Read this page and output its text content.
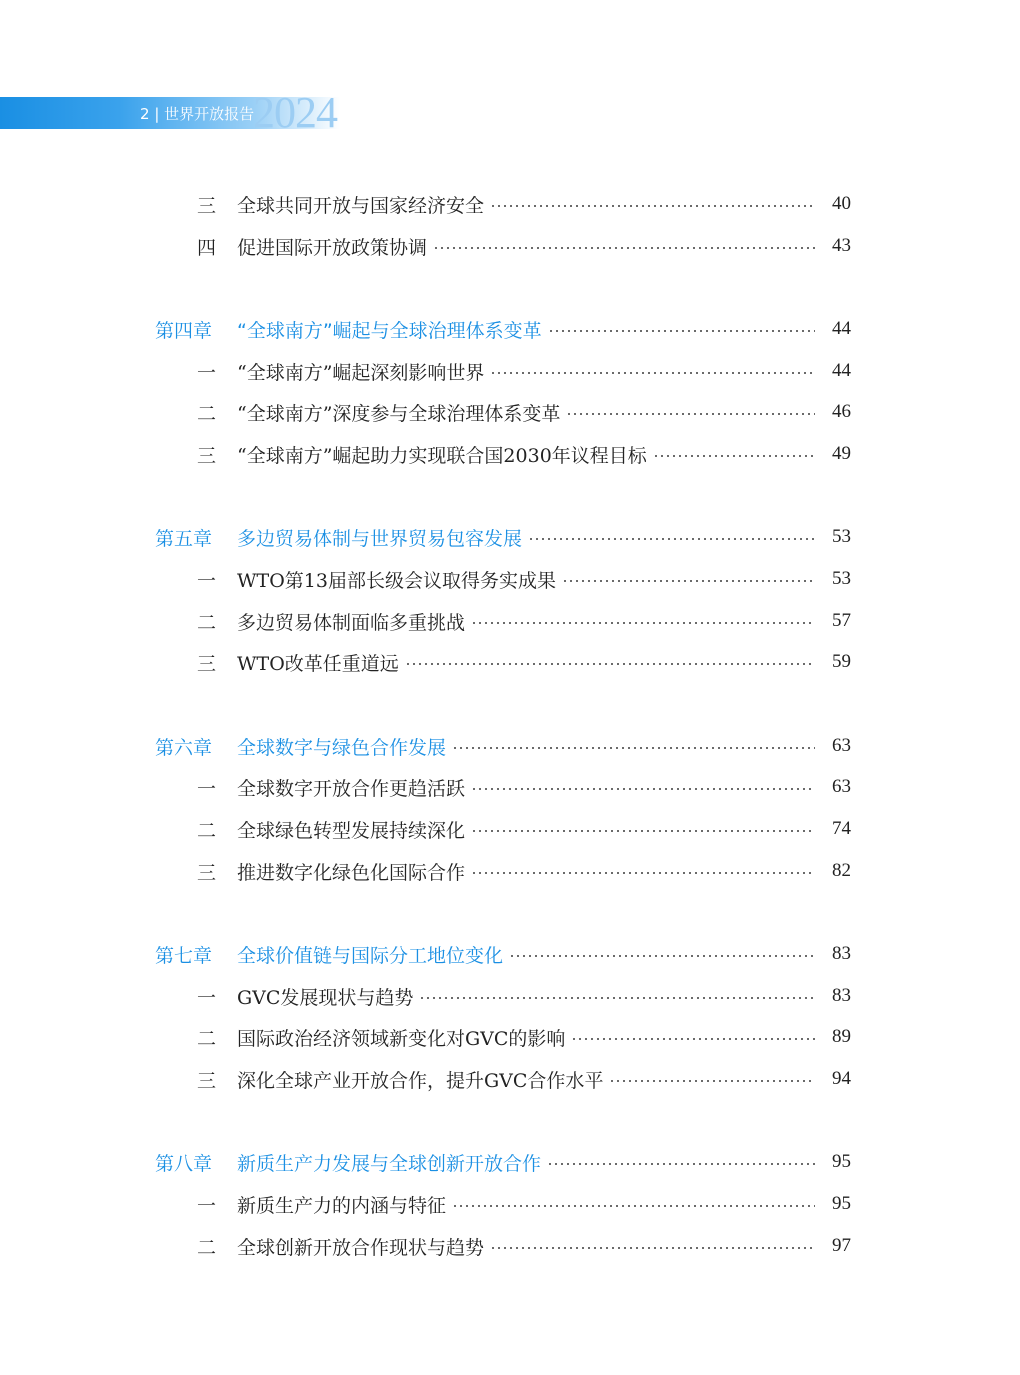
2 | 世界开放报告
2024
三	全球共同开放与国家经济安全	40
四	促进国际开放政策协调	43
第四章	“全球南方”崛起与全球治理体系变革	44
一	“全球南方”崛起深刻影响世界	44
二	“全球南方”深度参与全球治理体系变革	46
三	“全球南方”崛起助力实现联合国2030年议程目标	49
第五章	多边贸易体制与世界贸易包容发展	53
一	WTO第13届部长级会议取得务实成果	53
二	多边贸易体制面临多重挑战	57
三	WTO改革任重道远	59
第六章	全球数字与绿色合作发展	63
一	全球数字开放合作更趋活跃	63
二	全球绿色转型发展持续深化	74
三	推进数字化绿色化国际合作	82
第七章	全球价值链与国际分工地位变化	83
一	GVC发展现状与趋势	83
二	国际政治经济领域新变化对GVC的影响	89
三	深化全球产业开放合作，提升GVC合作水平	94
第八章	新质生产力发展与全球创新开放合作	95
一	新质生产力的内涵与特征	95
二	全球创新开放合作现状与趋势	97
